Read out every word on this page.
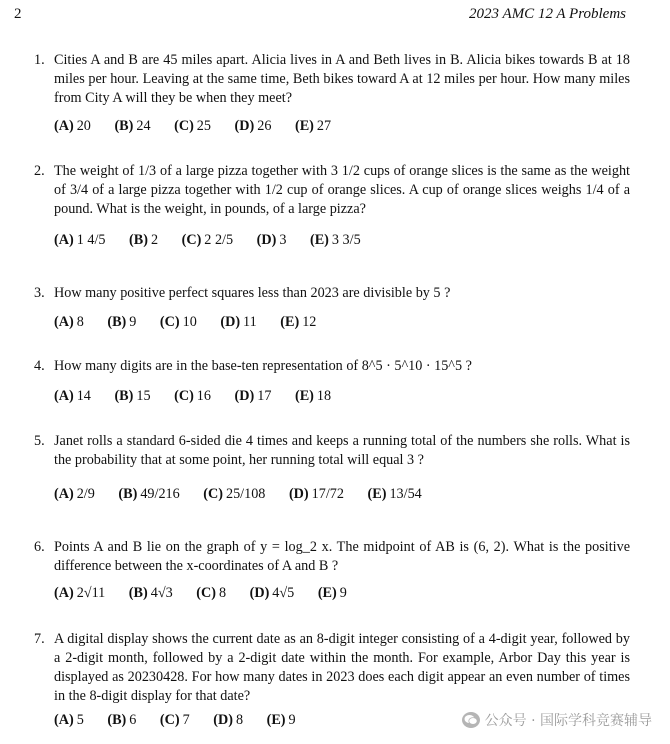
2	2023 AMC 12 A Problems
1. Cities A and B are 45 miles apart. Alicia lives in A and Beth lives in B. Alicia bikes towards B at 18 miles per hour. Leaving at the same time, Beth bikes toward A at 12 miles per hour. How many miles from City A will they be when they meet?
(A) 20 (B) 24 (C) 25 (D) 26 (E) 27
2. The weight of 1/3 of a large pizza together with 3 1/2 cups of orange slices is the same as the weight of 3/4 of a large pizza together with 1/2 cup of orange slices. A cup of orange slices weighs 1/4 of a pound. What is the weight, in pounds, of a large pizza?
(A) 1 4/5 (B) 2 (C) 2 2/5 (D) 3 (E) 3 3/5
3. How many positive perfect squares less than 2023 are divisible by 5 ?
(A) 8 (B) 9 (C) 10 (D) 11 (E) 12
4. How many digits are in the base-ten representation of 8^5 · 5^10 · 15^5 ?
(A) 14 (B) 15 (C) 16 (D) 17 (E) 18
5. Janet rolls a standard 6-sided die 4 times and keeps a running total of the numbers she rolls. What is the probability that at some point, her running total will equal 3 ?
(A) 2/9 (B) 49/216 (C) 25/108 (D) 17/72 (E) 13/54
6. Points A and B lie on the graph of y = log_2 x. The midpoint of AB is (6, 2). What is the positive difference between the x-coordinates of A and B ?
(A) 2√11 (B) 4√3 (C) 8 (D) 4√5 (E) 9
7. A digital display shows the current date as an 8-digit integer consisting of a 4-digit year, followed by a 2-digit month, followed by a 2-digit date within the month. For example, Arbor Day this year is displayed as 20230428. For how many dates in 2023 does each digit appear an even number of times in the 8-digit display for that date?
(A) 5 (B) 6 (C) 7 (D) 8 (E) 9	公众号 · 国际学科竞赛辅导
